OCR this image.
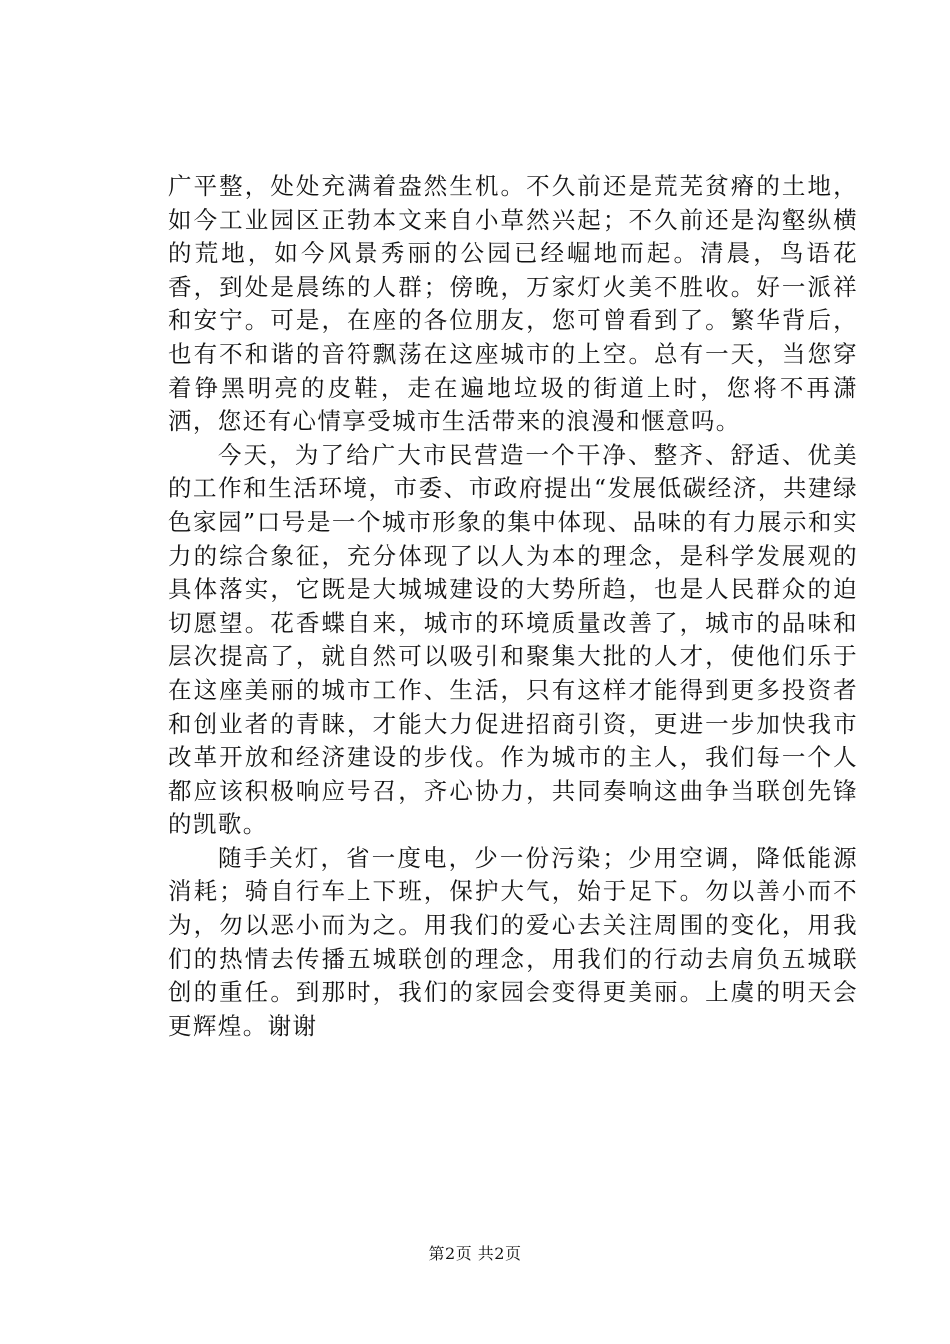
广平整，处处充满着盎然生机。不久前还是荒芜贫瘠的土地，如今工业园区正勃本文来自小草然兴起；不久前还是沟壑纵横的荒地，如今风景秀丽的公园已经崛地而起。清晨，鸟语花香，到处是晨练的人群；傍晚，万家灯火美不胜收。好一派祥和安宁。可是，在座的各位朋友，您可曾看到了。繁华背后，也有不和谐的音符飘荡在这座城市的上空。总有一天，当您穿着铮黑明亮的皮鞋，走在遍地垃圾的街道上时，您将不再潇洒，您还有心情享受城市生活带来的浪漫和惬意吗。

今天，为了给广大市民营造一个干净、整齐、舒适、优美的工作和生活环境，市委、市政府提出“发展低碳经济，共建绿色家园”口号是一个城市形象的集中体现、品味的有力展示和实力的综合象征，充分体现了以人为本的理念，是科学发展观的具体落实，它既是大城城建设的大势所趋，也是人民群众的迫切愿望。花香蝶自来，城市的环境质量改善了，城市的品味和层次提高了，就自然可以吸引和聚集大批的人才，使他们乐于在这座美丽的城市工作、生活，只有这样才能得到更多投资者和创业者的青睐，才能大力促进招商引资，更进一步加快我市改革开放和经济建设的步伐。作为城市的主人，我们每一个人都应该积极响应号召，齐心协力，共同奏响这曲争当联创先锋的凯歌。

随手关灯，省一度电，少一份污染；少用空调，降低能源消耗；骑自行车上下班，保护大气，始于足下。勿以善小而不为，勿以恶小而为之。用我们的爱心去关注周围的变化，用我们的热情去传播五城联创的理念，用我们的行动去肩负五城联创的重任。到那时，我们的家园会变得更美丽。上虞的明天会更辉煌。谢谢

第2页 共2页
